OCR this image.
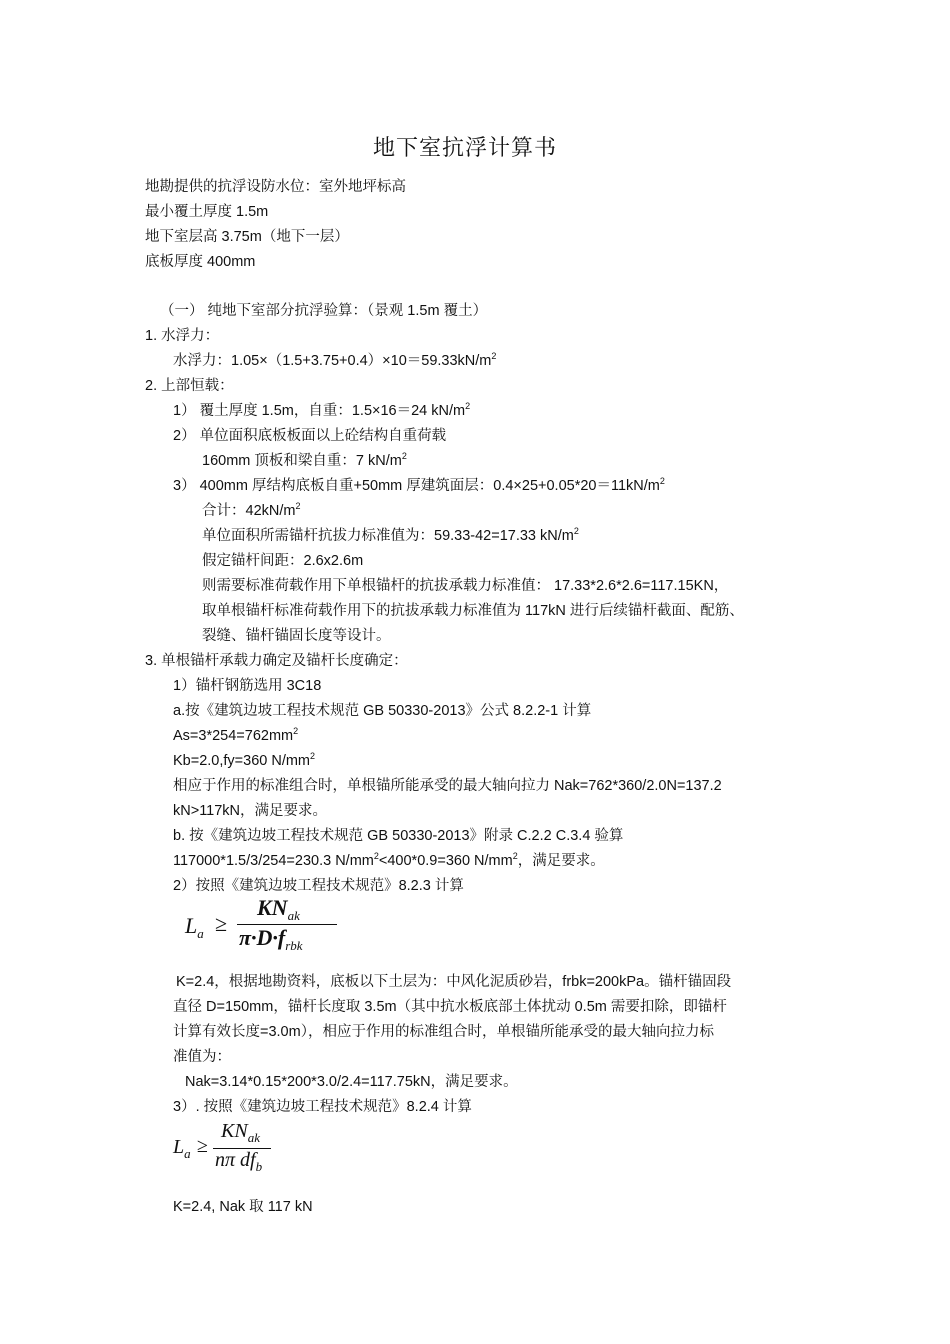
地下室抗浮计算书
地勘提供的抗浮设防水位：室外地坪标高
最小覆土厚度 1.5m
地下室层高 3.75m（地下一层）
底板厚度 400mm
（一） 纯地下室部分抗浮验算：（景观 1.5m 覆土）
1. 水浮力：
水浮力：$1.05\times(1.5+3.75+0.4)\times 10=59.33kN/m^2$
2. 上部恒载：
1） 覆土厚度 1.5m，自重：1.5×16＝24 $kN/m^2$
2） 单位面积底板板面以上砼结构自重荷载
160mm 顶板和梁自重：7 $kN/m^2$
3） 400mm 厚结构底板自重+50mm 厚建筑面层：$0.4\times 25+0.05*20=11kN/m^2$
合计：$42kN/m^2$
单位面积所需锚杆抗拔力标准值为：59.33-42=17.33 $kN/m^2$
假定锚杆间距：2.6x2.6m
则需要标准荷载作用下单根锚杆的抗拔承载力标准值： 17.33*2.6*2.6=117.15KN，
取单根锚杆标准荷载作用下的抗拔承载力标准值为 117kN 进行后续锚杆截面、配筋、
裂缝、锚杆锚固长度等设计。
3. 单根锚杆承载力确定及锚杆长度确定：
1）锚杆钢筋选用 3C18
a.按《建筑边坡工程技术规范 GB 50330-2013》公式 8.2.2-1 计算
$As=3*254=762mm^2$
Kb=2.0,fy=360 $N/mm^2$
相应于作用的标准组合时，单根锚所能承受的最大轴向拉力 Nak=762*360/2.0N=137.2
kN>117kN，满足要求。
b. 按《建筑边坡工程技术规范 GB 50330-2013》附录 C.2.2 C.3.4 验算
117000*1.5/3/254=230.3 $N/mm^2<400*0.9=360$ $N/mm^2$，满足要求。
2）按照《建筑边坡工程技术规范》8.2.3 计算
$L_a$ ≥
$KN_{ak}$
$\pi\cdot D\cdot f_{rbk}$
K=2.4，根据地勘资料，底板以下土层为：中风化泥质砂岩，frbk=200kPa。锚杆锚固段
直径 D=150mm，锚杆长度取 3.5m（其中抗水板底部土体扰动 0.5m 需要扣除，即锚杆
计算有效长度=3.0m），相应于作用的标准组合时，单根锚所能承受的最大轴向拉力标
准值为：
Nak=3.14*0.15*200*3.0/2.4=117.75kN，满足要求。
3）. 按照《建筑边坡工程技术规范》8.2.4 计算
$L_a$ ≥
$KN_{ak}$
nπ $df_b$
K=2.4, Nak 取 117 kN
